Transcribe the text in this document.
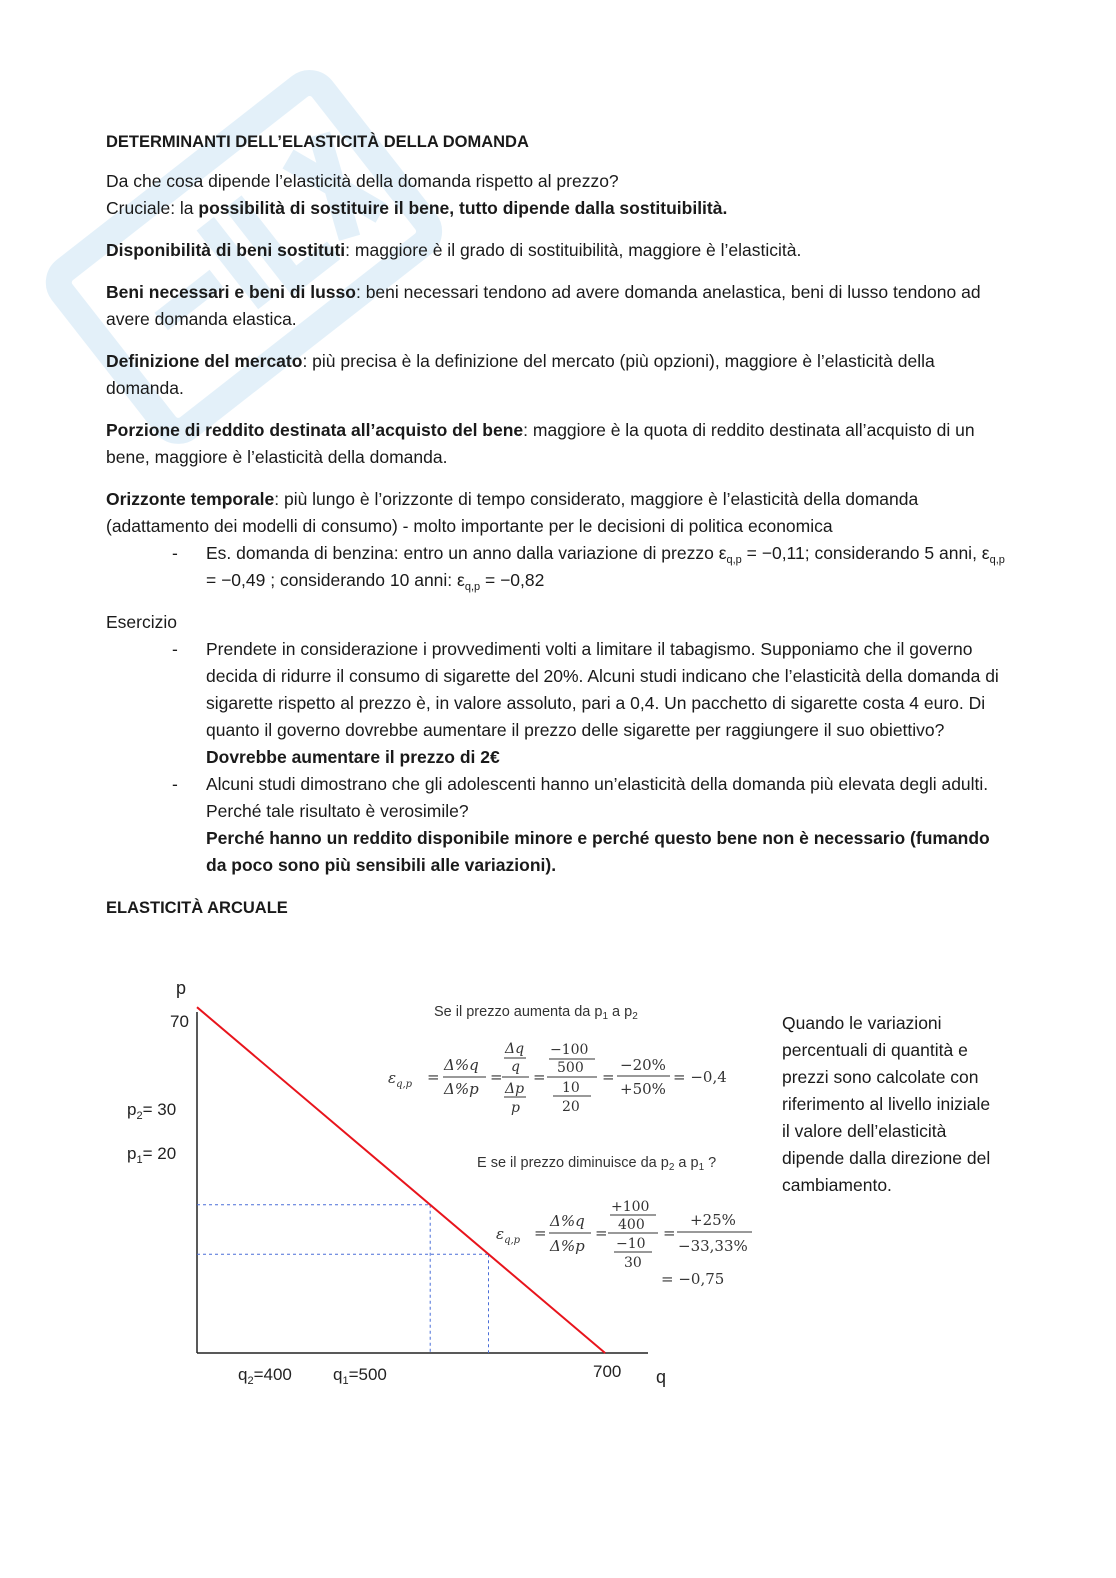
DETERMINANTI DELL’ELASTICITÀ DELLA DOMANDA

Da che cosa dipende l’elasticità della domanda rispetto al prezzo?

Cruciale: la possibilità di sostituire il bene, tutto dipende dalla sostituibilità.

Disponibilità di beni sostituti: maggiore è il grado di sostituibilità, maggiore è l’elasticità.

Beni necessari e beni di lusso: beni necessari tendono ad avere domanda anelastica, beni di lusso tendono ad avere domanda elastica.

Definizione del mercato: più precisa è la definizione del mercato (più opzioni), maggiore è l’elasticità della domanda.

Porzione di reddito destinata all’acquisto del bene: maggiore è la quota di reddito destinata all’acquisto di un bene, maggiore è l’elasticità della domanda.

Orizzonte temporale: più lungo è l’orizzonte di tempo considerato, maggiore è l’elasticità della domanda (adattamento dei modelli di consumo) - molto importante per le decisioni di politica economica

- Es. domanda di benzina: entro un anno dalla variazione di prezzo $\varepsilon_{q,p} = -0,11$; considerando 5 anni, $\varepsilon_{q,p} = -0,49$ ; considerando 10 anni: $\varepsilon_{q,p} = -0,82$

Esercizio

- Prendete in considerazione i provvedimenti volti a limitare il tabagismo. Supponiamo che il governo decida di ridurre il consumo di sigarette del 20%. Alcuni studi indicano che l’elasticità della domanda di sigarette rispetto al prezzo è, in valore assoluto, pari a 0,4. Un pacchetto di sigarette costa 4 euro. Di quanto il governo dovrebbe aumentare il prezzo delle sigarette per raggiungere il suo obiettivo?
Dovrebbe aumentare il prezzo di 2€

- Alcuni studi dimostrano che gli adolescenti hanno un’elasticità della domanda più elevata degli adulti. Perché tale risultato è verosimile?
Perché hanno un reddito disponibile minore e perché questo bene non è necessario (fumando da poco sono più sensibili alle variazioni).

ELASTICITÀ ARCUALE

p
q
70
$p_2= 30$
$p_1= 20$
$q_2=400$ $q_1=500$	700
Se il prezzo aumenta da $p_1$ a $p_2$
$\varepsilon_{q,p}$ =
Δ%q
Δ%p
=
Δq
q
Δp
p
=
−100
500
10
20
=
−20%
+50%
= −0,4
E se il prezzo diminuisce da $p_2$ a $p_1$ ?
$\varepsilon_{q,p}$ =
Δ%q
Δ%p
=
+100
400
−10
30
=
+25%
−33,33%
= −0,75

Quando le variazioni percentuali di quantità e prezzi sono calcolate con riferimento al livello iniziale il valore dell’elasticità dipende dalla direzione del cambiamento.
